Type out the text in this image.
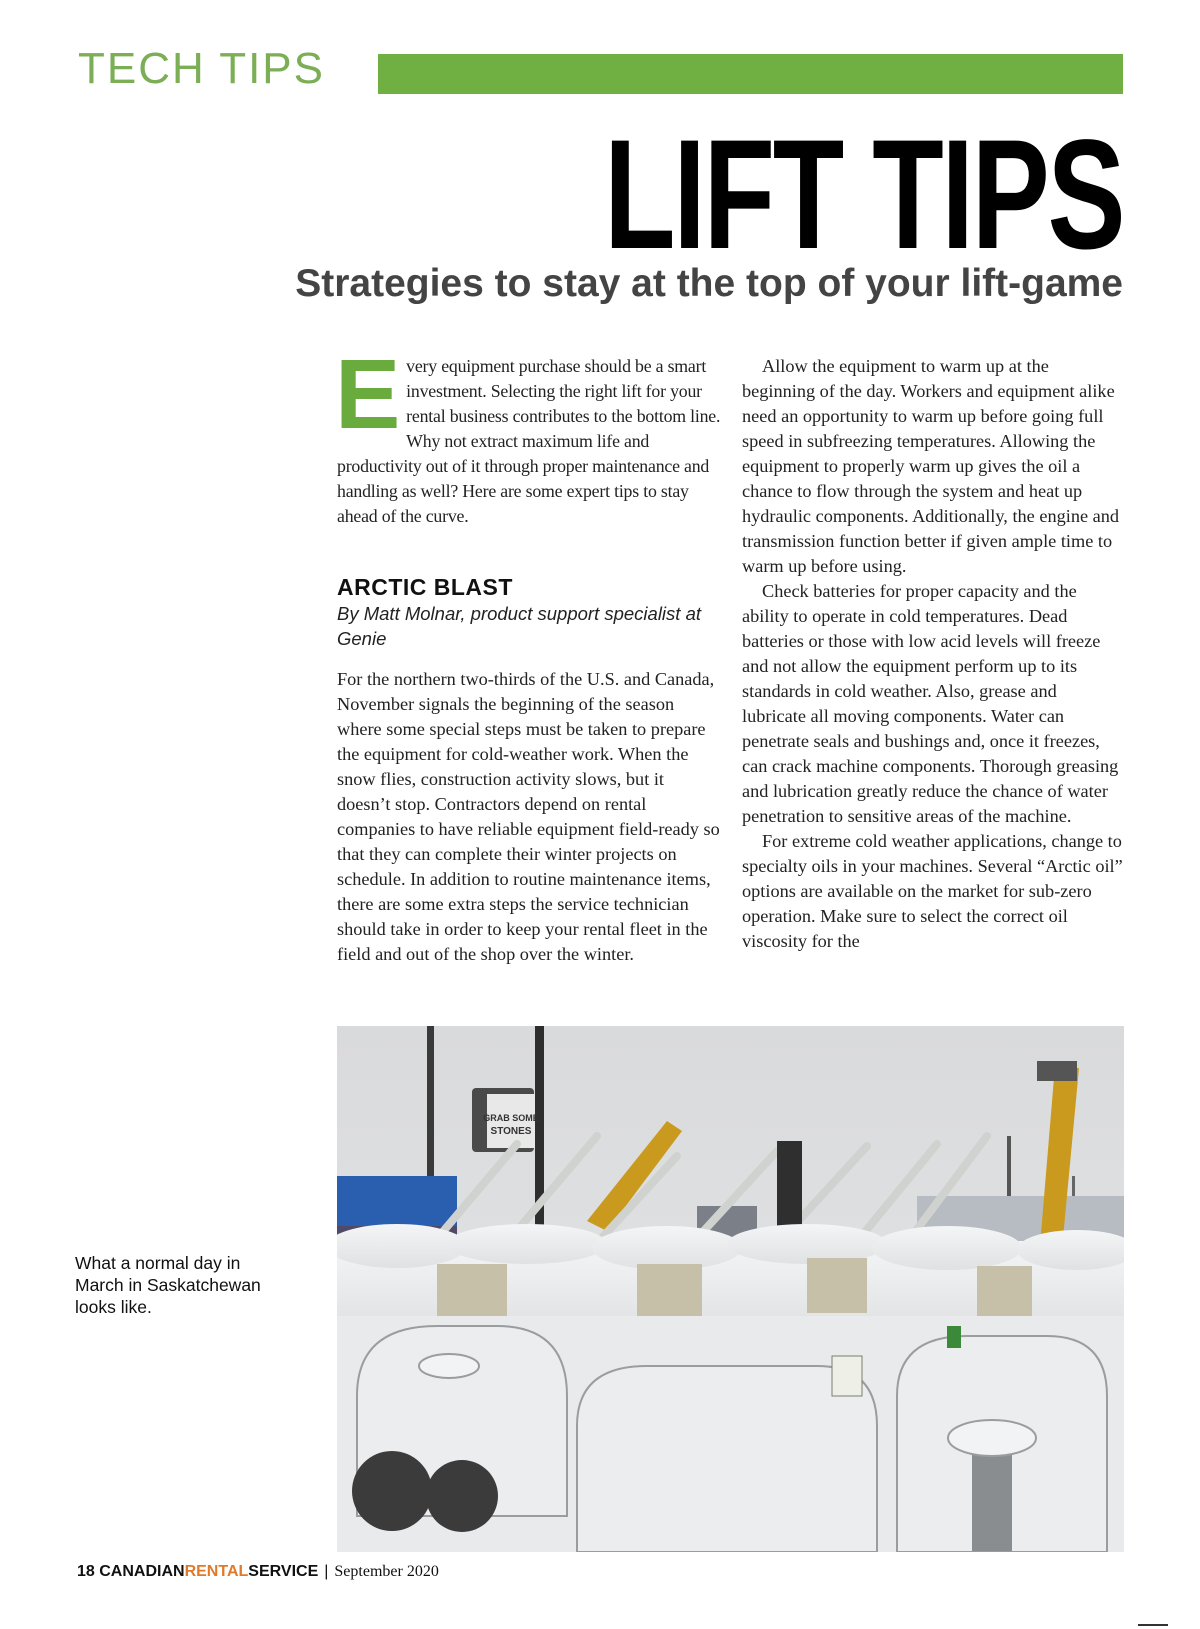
TECH TIPS
LIFT TIPS
Strategies to stay at the top of your lift-game

Every equipment purchase should be a smart investment. Selecting the right lift for your rental business contributes to the bottom line. Why not extract maximum life and productivity out of it through proper maintenance and handling as well? Here are some expert tips to stay ahead of the curve.

ARCTIC BLAST
By Matt Molnar, product support specialist at Genie

For the northern two-thirds of the U.S. and Canada, November signals the beginning of the season where some special steps must be taken to prepare the equipment for cold-weather work. When the snow flies, construction activity slows, but it doesn’t stop. Contractors depend on rental companies to have reliable equipment field-ready so that they can complete their winter projects on schedule. In addition to routine maintenance items, there are some extra steps the service technician should take in order to keep your rental fleet in the field and out of the shop over the winter.

Allow the equipment to warm up at the beginning of the day. Workers and equipment alike need an opportunity to warm up before going full speed in subfreezing temperatures. Allowing the equipment to properly warm up gives the oil a chance to flow through the system and heat up hydraulic components. Additionally, the engine and transmission function better if given ample time to warm up before using.

Check batteries for proper capacity and the ability to operate in cold temperatures. Dead batteries or those with low acid levels will freeze and not allow the equipment perform up to its standards in cold weather. Also, grease and lubricate all moving components. Water can penetrate seals and bushings and, once it freezes, can crack machine components. Thorough greasing and lubrication greatly reduce the chance of water penetration to sensitive areas of the machine.

For extreme cold weather applications, change to specialty oils in your machines. Several “Arctic oil” options are available on the market for sub-zero operation. Make sure to select the correct oil viscosity for the

GRAB SOME
STONES
What a normal day in March in Saskatchewan looks like.
18 CANADIANRENTALSERVICE | September 2020
